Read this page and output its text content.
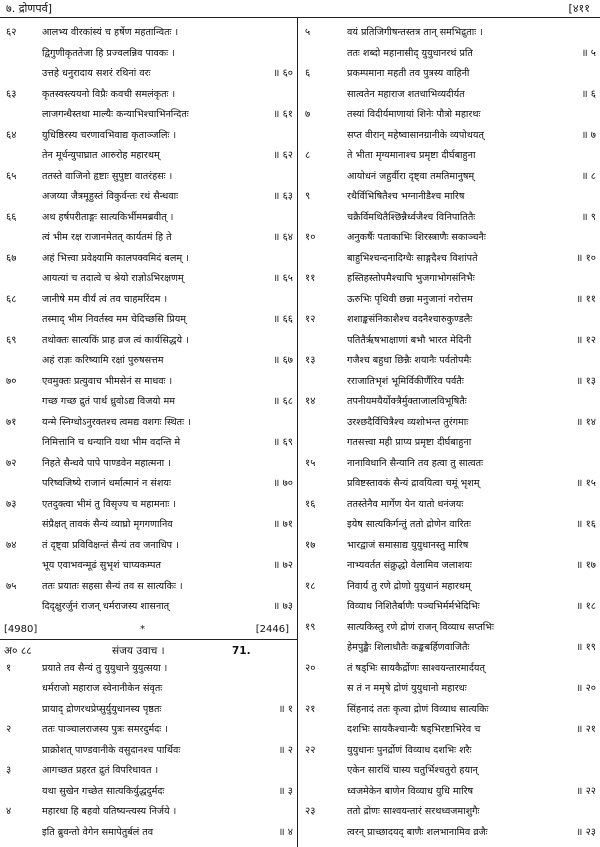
७. द्रोणपर्व]	[४११
६२	आलभ्य वीरकांस्यं च हर्षेण महतान्वितः ।
द्विगुणीकृततेजा हि प्रज्वलन्निव पावकः ।
उत्तहे धनुरादाय सशरं रथिनां वरः	॥ ६०
६३	कृतस्वस्त्ययनो विप्रैः कवची समलंकृतः ।
लाजगन्धैस्तथा माल्यैः कन्याभिश्चाभिनन्दितः	॥ ६१
६४	युधिष्ठिरस्य चरणावभिवाद्य कृताञ्जलिः ।
तेन मूर्धन्युपाघ्रात आरुरोह महारथम्	॥ ६२
६५	ततस्ते वाजिनो हृष्टाः सुपुष्टा वातरंहसः ।
अजय्या जैत्रमूहुस्तं विकुर्वन्तः रथं सैन्धवाः	॥ ६३
६६	अथ हर्षपरीताङ्गः सात्यकिर्भीममब्रवीत् ।
त्वं भीम रक्ष राजानमेतत् कार्यतमं हि ते	॥ ६४
६७	अहं भित्त्वा प्रवेक्ष्यामि कालपक्वमिदं बलम् ।
आयत्यां च तदात्वे च श्रेयो राज्ञोऽभिरक्षणम्	॥ ६५
६८	जानीषे मम वीर्यं त्वं तव चाहमरिंदम ।
तस्माद् भीम निवर्तस्व मम चेदिच्छसि प्रियम्	॥ ६६
६९	तथोक्तः सात्यकिं प्राह व्रज त्वं कार्यसिद्धये ।
अहं राज्ञः करिष्यामि रक्षां पुरुषसत्तम	॥ ६७
७०	एवमुक्तः प्रत्युवाच भीमसेनं स माधवः ।
गच्छ गच्छ द्रुतं पार्थ ध्रुवोऽद्य विजयो मम	॥ ६८
७१	यन्मे स्निग्धोऽनुरक्तश्च त्वमद्य वशगः स्थितः ।
निमित्तानि च धन्यानि यथा भीम वदन्ति मे	॥ ६९
७२	निहते सैन्धवे पापे पाण्डवेन महात्मना ।
परिष्वजिष्ये राजानं धर्मात्मानं न संशयः	॥ ७०
७३	एतदुक्त्वा भीमं तु विसृज्य च महामनाः ।
संप्रैक्षत् तावकं सैन्यं व्याघ्रो मृगगणानिव	॥ ७१
७४	तं दृष्ट्वा प्रविविक्षन्तं सैन्यं तव जनाधिप ।
भूय एवाभवन्मूढं सुभृशं चाप्यकम्पत	॥ ७२
७५	ततः प्रयातः सहसा सैन्यं तव स सात्यकिः ।
दिदृक्षुरर्जुनं राजन् धर्मराजस्य शासनात्	॥ ७३
[4980]	*	[2446]
अ० ८८	संजय उवाच ।	71.
१	प्रयाते तव सैन्यं तु युयुधाने युयुत्सया ।
धर्मराजो महाराज स्वेनानीकेन संवृतः
प्रायाद् द्रोणरथप्रेप्सुर्युयुधानस्य पृष्ठतः	॥ १
२	ततः पाञ्चालराजस्य पुत्रः समरदुर्मदः ।
प्राक्रोशत् पाण्डवानीके वसुदानश्च पार्थिवः	॥ २
३	आगच्छत प्रहरत द्रुतं विपरिधावत ।
यथा सुखेन गच्छेत सात्यकिर्युद्धदुर्मदः	॥ ३
४	महारथा हि बहवो यतिष्यन्त्यस्य निर्जये ।
इति ब्रुवन्तो वेगेन समापेतुर्बलं तव	॥ ४
५	वयं प्रतिजिगीषन्तस्तत्र तान् समभिद्रुताः ।
ततः शब्दो महानासीद् युयुधानरथं प्रति	॥ ५
६	प्रकम्पमाना महती तव पुत्रस्य वाहिनी
सात्वतेन महाराज शतधाभिव्यदीर्यत	॥ ६
७	तस्यां विदीर्यमाणायां शिनेः पौत्रो महारथः
सप्त वीरान् महेष्वासानग्रानीके व्यपोथयत्	॥ ७
८	ते भीता मृग्यमानाश्च प्रमृष्टा दीर्घबाहुना
आयोधनं जहुर्वीरा दृष्ट्वा तमतिमानुषम्	॥ ८
९	रथैर्विभिषितैश्च भग्नानीडैश्च मारिष
चक्रैर्विमथितैश्छिन्नैर्ध्वजैश्च विनिपातितैः	॥ ९
१०	अनुकर्षैः पताकाभिः शिरस्त्राणैः सकाञ्चनैः
बाहुभिश्चन्दनादिग्धैः साङ्गदैश्च विशांपते	॥ १०
११	हस्तिहस्तोपमैश्चापि भुजगाभोगसंनिभैः
ऊरुभिः पृथिवी छन्ना मनुजानां नरोत्तम	॥ ११
१२	शशाङ्कसंनिकाशैश्च वदनैश्चारुकुण्डलैः
पतितैर्ऋषभाक्षाणां बभौ भारत मेदिनी	॥ १२
१३	गजैश्च बहुधा छिन्नैः शयानैः पर्वतोपमैः
रराजातिभृशं भूमिर्विकीर्णैरिव पर्वतैः	॥ १३
१४	तपनीयमयैर्योक्त्रैर्मुक्ताजालविभूषितैः
उरश्छदैर्विचित्रैश्च व्यशोभन्त तुरंगमाः	॥ १४
गतसत्त्वा मही प्राप्य प्रमृष्टा दीर्घबाहुना
१५	नानाविधानि सैन्यानि तव हत्वा तु सात्वतः
प्रविष्टस्तावकं सैन्यं द्रावयित्वा चमूं भृशम्	॥ १५
१६	ततस्तेनैव मार्गेण येन यातो धनंजयः
इयेष सात्यकिर्गन्तुं ततो द्रोणेन वारितः	॥ १६
१७	भारद्वाजं समासाद्य युयुधानस्तु मारिष
नाभ्यवर्तत संक्रुद्धो वेलामिव जलाशयः	॥ १७
१८	निवार्य तु रणे द्रोणो युयुधानं महारथम्
विव्याध निशितैर्बाणैः पञ्चभिर्मर्मभेदिभिः	॥ १८
१९	सात्यकिस्तु रणे द्रोणं राजन् विव्याध सप्तभिः
हेमपुङ्खैः शिलाधौतैः कङ्कबर्हिणवाजितैः	॥ १९
२०	तं षड्भिः सायकैर्द्रोणः साश्वयन्तारमार्दयत्
स तं न ममृषे द्रोणं युयुधानो महारथः	॥ २०
२१	सिंहनादं ततः कृत्वा द्रोणं विव्याध सात्यकिः
दशभिः सायकैश्चान्यैः षड्भिरष्टाभिरेव च	॥ २१
२२	युयुधानः पुनर्द्रोणं विव्याध दशभिः शरैः
एकेन सारथिं चास्य चतुर्भिश्चतुरो हयान्
ध्वजमेकेन बाणेन विव्याध युधि मारिष	॥ २२
२३	ततो द्रोणः साश्वयन्तारं सरथध्वजमाशुगैः
त्वरन् प्राच्छादयद् बाणैः शलभानामिव व्रजैः	॥ २३
